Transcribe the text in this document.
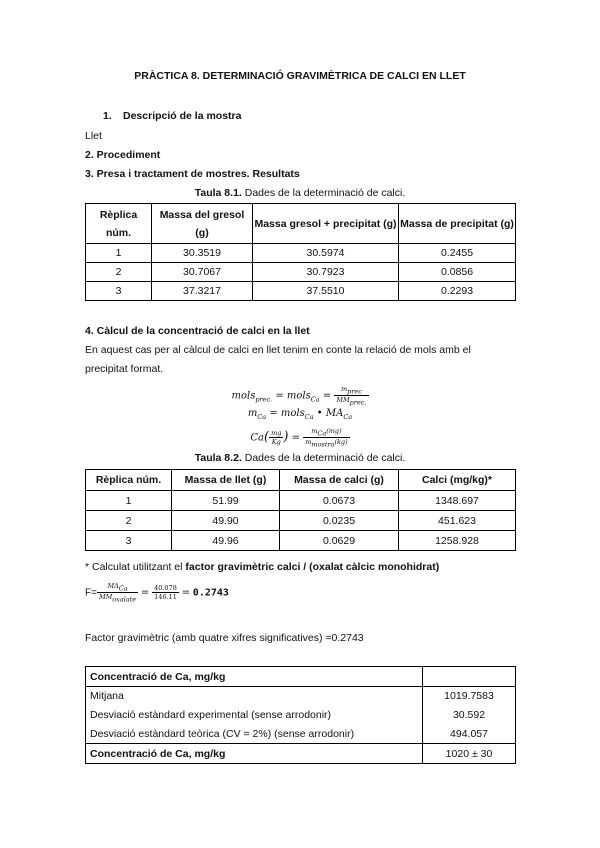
PRÀCTICA 8. DETERMINACIÓ GRAVIMÈTRICA DE CALCI EN LLET
1. Descripció de la mostra
Llet
2. Procediment
3. Presa i tractament de mostres. Resultats
Taula 8.1. Dades de la determinació de calci.
Rèplica núm.	Massa del gresol (g)	Massa gresol + precipitat (g)	Massa de precipitat (g)
1	30.3519	30.5974	0.2455
2	30.7067	30.7923	0.0856
3	37.3217	37.5510	0.2293
4. Càlcul de la concentració de calci en la llet
En aquest cas per al càlcul de calci en llet tenim en conte la relació de mols amb el
precipitat format.
mols$_{prec.}$ = mols$_{Ca}$ = $\frac{m_{prec}}{MM_{prec.}}$
$m_{Ca}$ = mols$_{Ca}$ • $MA_{Ca}$
$Ca( \frac{mg}{Kg}$ ) = $\frac{m_{Ca}(mg)}{m_{mostra}(kg)}$
Taula 8.2. Dades de la determinació de calci.
Rèplica núm.	Massa de llet (g)	Massa de calci (g)	Calci (mg/kg)*
1	51.99	0.0673	1348.697
2	49.90	0.0235	451.623
3	49.96	0.0629	1258.928
* Calculat utilitzant el factor gravimètric calci / (oxalat càlcic monohidrat)
$F= \frac{MA_{Ca}}{MM_{oxalate}} = \frac{40.078}{146.11} = 0.2743$
Factor gravimètric (amb quatre xifres significatives) =0.2743
Concentració de Ca, mg/kg	
Mitjana	1019.7583
Desviació estàndard experimental (sense arrodonir)	30.592
Desviació estàndard teòrica (CV = 2%) (sense arrodonir)	494.057
Concentració de Ca, mg/kg	1020 ± 30
